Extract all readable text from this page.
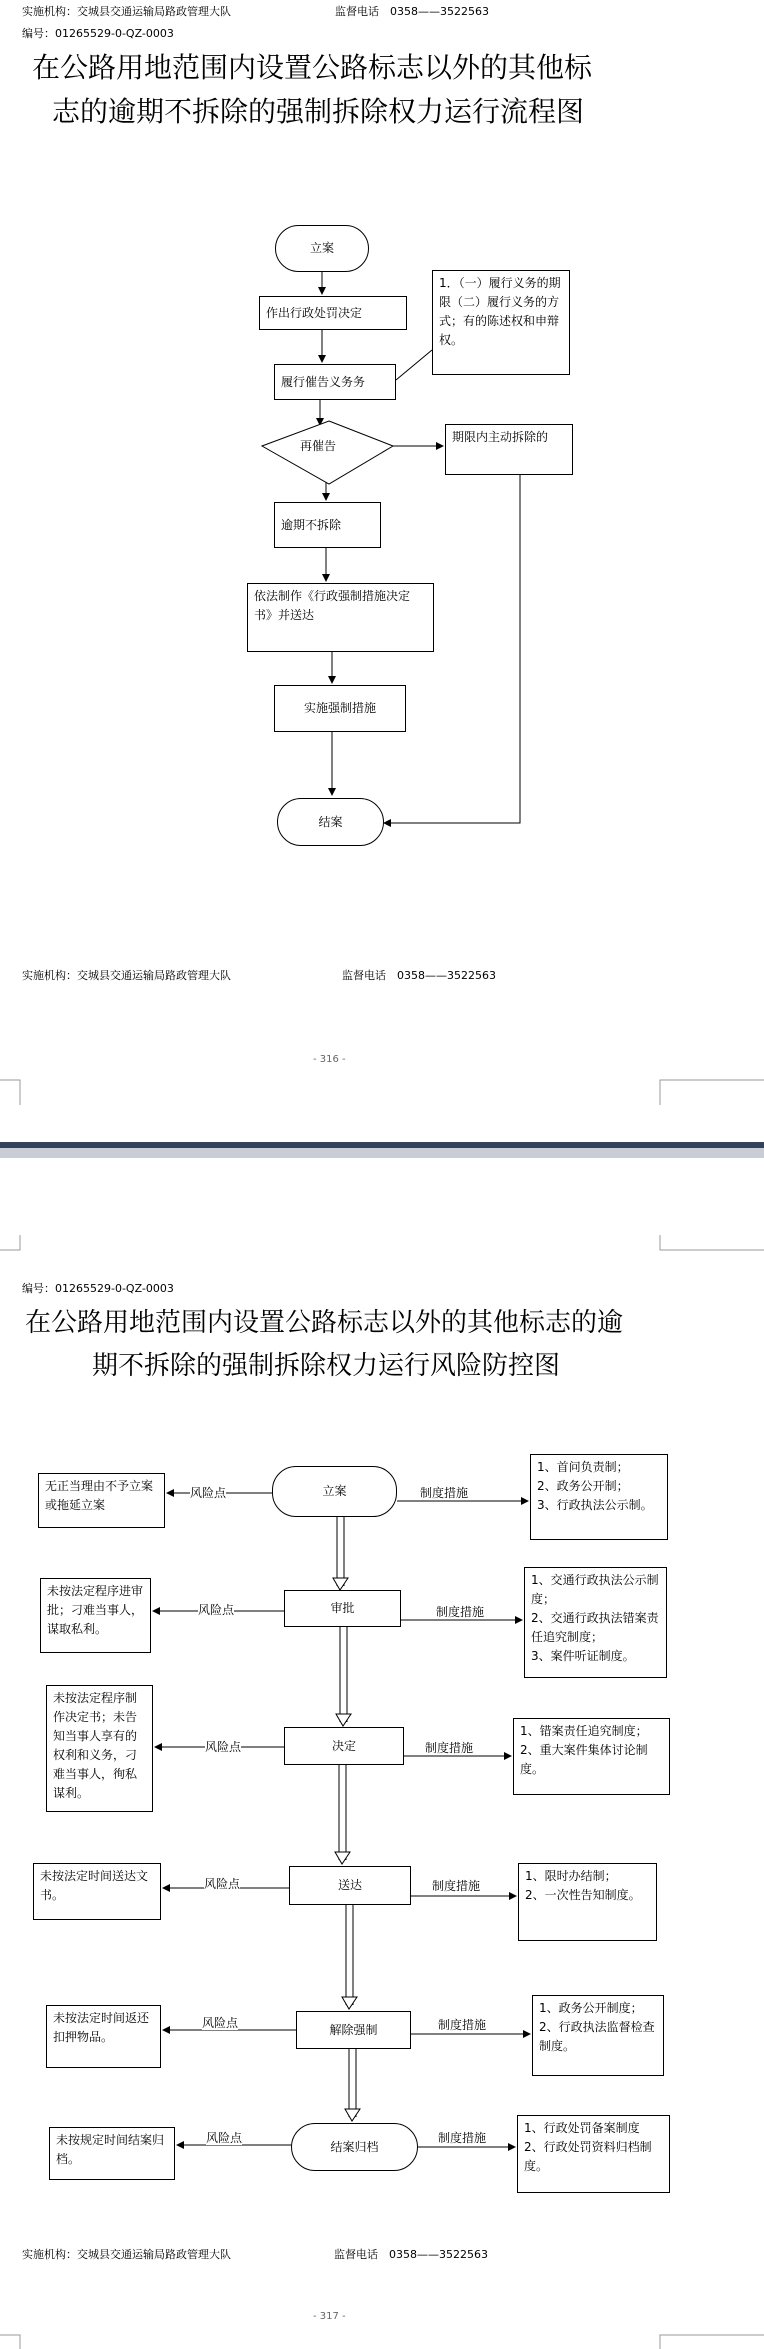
实施机构：交城县交通运输局路政管理大队	监督电话　0358——3522563
编号：01265529-0-QZ-0003
在公路用地范围内设置公路标志以外的其他标
志的逾期不拆除的强制拆除权力运行流程图
立案
作出行政处罚决定
履行催告义务务
1．（一）履行义务的期限（二）履行义务的方式；有的陈述权和申辩权。
再催告
期限内主动拆除的
逾期不拆除
依法制作《行政强制措施决定书》并送达
实施强制措施
结案
实施机构：交城县交通运输局路政管理大队	监督电话　0358——3522563
- 316 -
编号：01265529-0-QZ-0003
在公路用地范围内设置公路标志以外的其他标志的逾
期不拆除的强制拆除权力运行风险防控图
立案
审批
决定
送达
解除强制
结案归档
无正当理由不予立案或拖延立案
未按法定程序进审批；刁难当事人，谋取私利。
未按法定程序制作决定书；未告知当事人享有的权利和义务，刁难当事人，徇私谋利。
未按法定时间送达文书。
未按法定时间返还扣押物品。
未按规定时间结案归档。
1、首问负责制；
2、政务公开制；
3、行政执法公示制。
1、交通行政执法公示制度；
2、交通行政执法错案责任追究制度；
3、案件听证制度。
1、错案责任追究制度；
2、重大案件集体讨论制度。
1、限时办结制；
2、一次性告知制度。
1、政务公开制度；
2、行政执法监督检查制度。
1、行政处罚备案制度
2、行政处罚资料归档制度。
风险点
风险点
风险点
风险点
风险点
风险点
制度措施
制度措施
制度措施
制度措施
制度措施
制度措施
实施机构：交城县交通运输局路政管理大队	监督电话　0358——3522563
- 317 -
